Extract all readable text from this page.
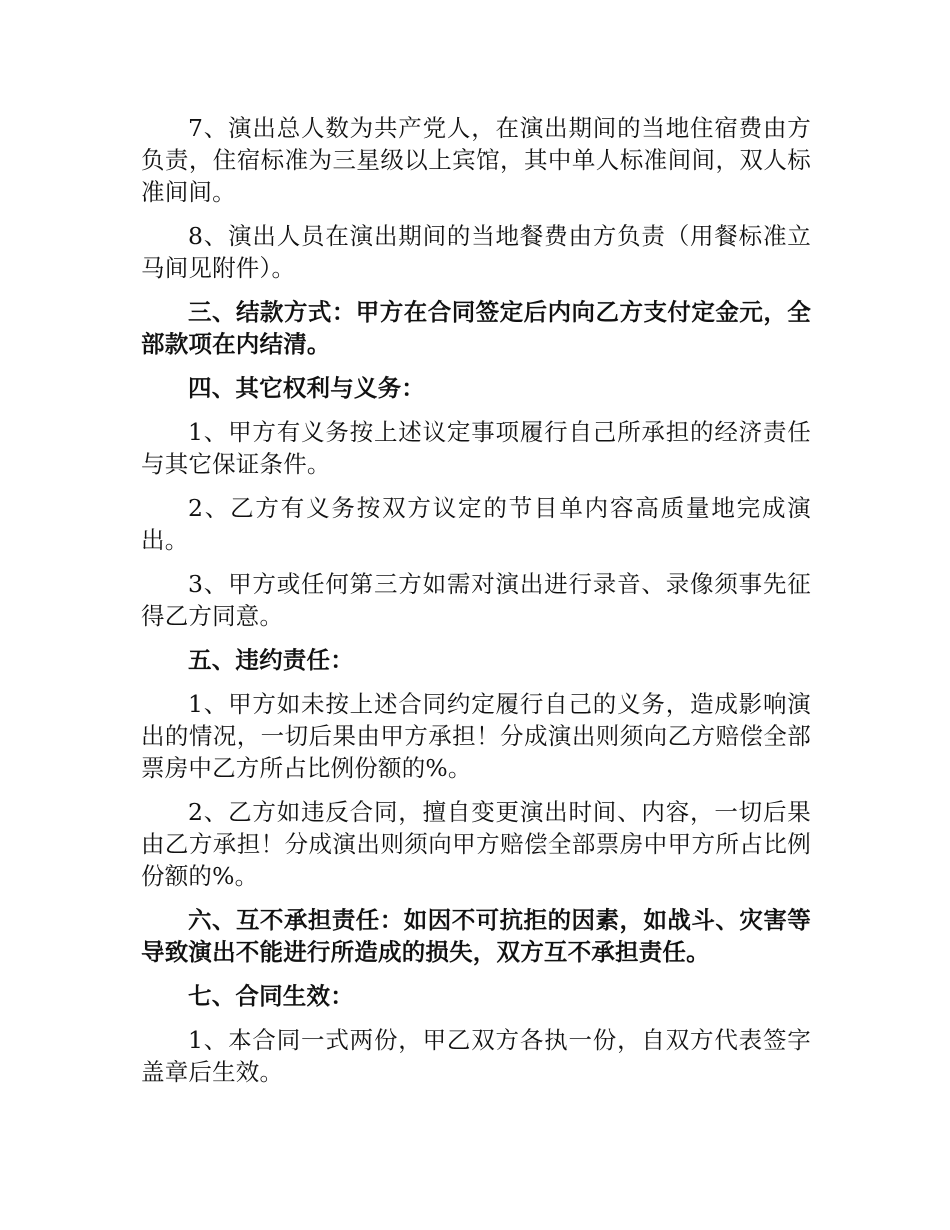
7、演出总人数为共产党人，在演出期间的当地住宿费由方负责，住宿标准为三星级以上宾馆，其中单人标准间间，双人标准间间。

8、演出人员在演出期间的当地餐费由方负责（用餐标准立马间见附件）。

三、结款方式：甲方在合同签定后内向乙方支付定金元，全部款项在内结清。

四、其它权利与义务：

1、甲方有义务按上述议定事项履行自己所承担的经济责任与其它保证条件。

2、乙方有义务按双方议定的节目单内容高质量地完成演出。

3、甲方或任何第三方如需对演出进行录音、录像须事先征得乙方同意。

五、违约责任：

1、甲方如未按上述合同约定履行自己的义务，造成影响演出的情况，一切后果由甲方承担！分成演出则须向乙方赔偿全部票房中乙方所占比例份额的%。

2、乙方如违反合同，擅自变更演出时间、内容，一切后果由乙方承担！分成演出则须向甲方赔偿全部票房中甲方所占比例份额的%。

六、互不承担责任：如因不可抗拒的因素，如战斗、灾害等导致演出不能进行所造成的损失，双方互不承担责任。

七、合同生效：

1、本合同一式两份，甲乙双方各执一份，自双方代表签字盖章后生效。
